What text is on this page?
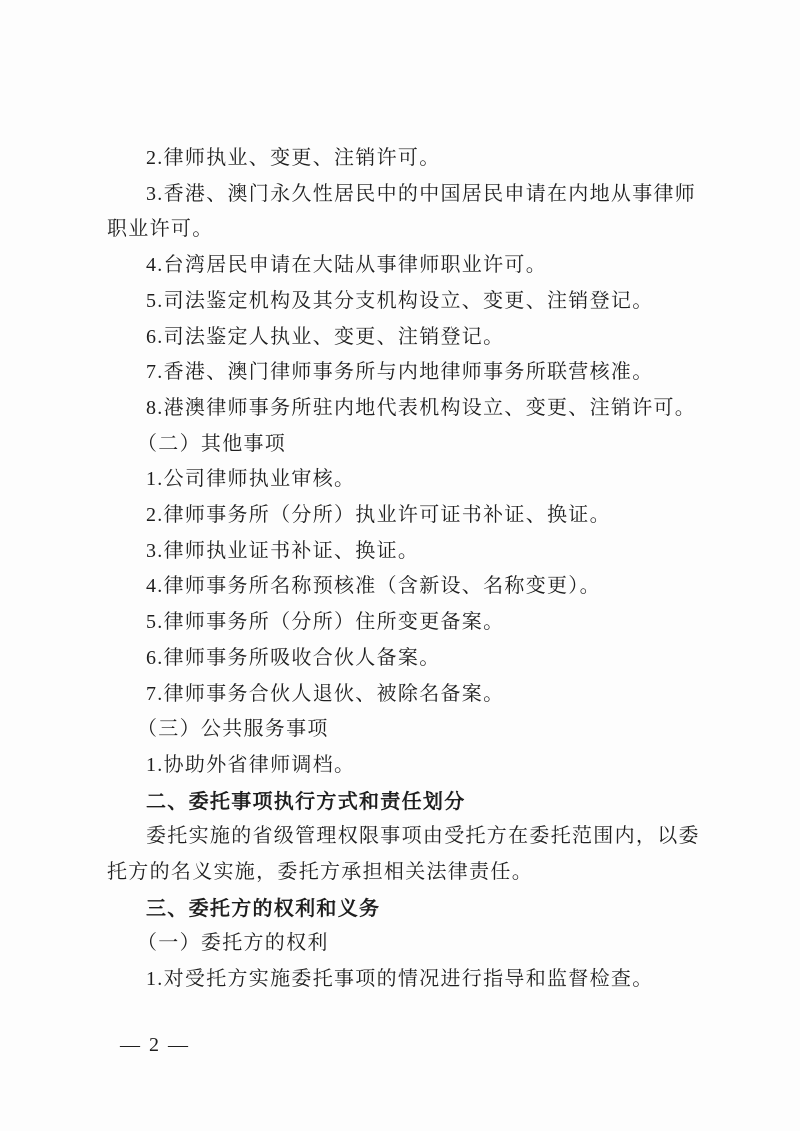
2.律师执业、变更、注销许可。

3.香港、澳门永久性居民中的中国居民申请在内地从事律师职业许可。

4.台湾居民申请在大陆从事律师职业许可。

5.司法鉴定机构及其分支机构设立、变更、注销登记。

6.司法鉴定人执业、变更、注销登记。

7.香港、澳门律师事务所与内地律师事务所联营核准。

8.港澳律师事务所驻内地代表机构设立、变更、注销许可。

（二）其他事项

1.公司律师执业审核。

2.律师事务所（分所）执业许可证书补证、换证。

3.律师执业证书补证、换证。

4.律师事务所名称预核准（含新设、名称变更）。

5.律师事务所（分所）住所变更备案。

6.律师事务所吸收合伙人备案。

7.律师事务合伙人退伙、被除名备案。

（三）公共服务事项

1.协助外省律师调档。

二、委托事项执行方式和责任划分

委托实施的省级管理权限事项由受托方在委托范围内，以委托方的名义实施，委托方承担相关法律责任。

三、委托方的权利和义务

（一）委托方的权利

1.对受托方实施委托事项的情况进行指导和监督检查。

— 2 —
